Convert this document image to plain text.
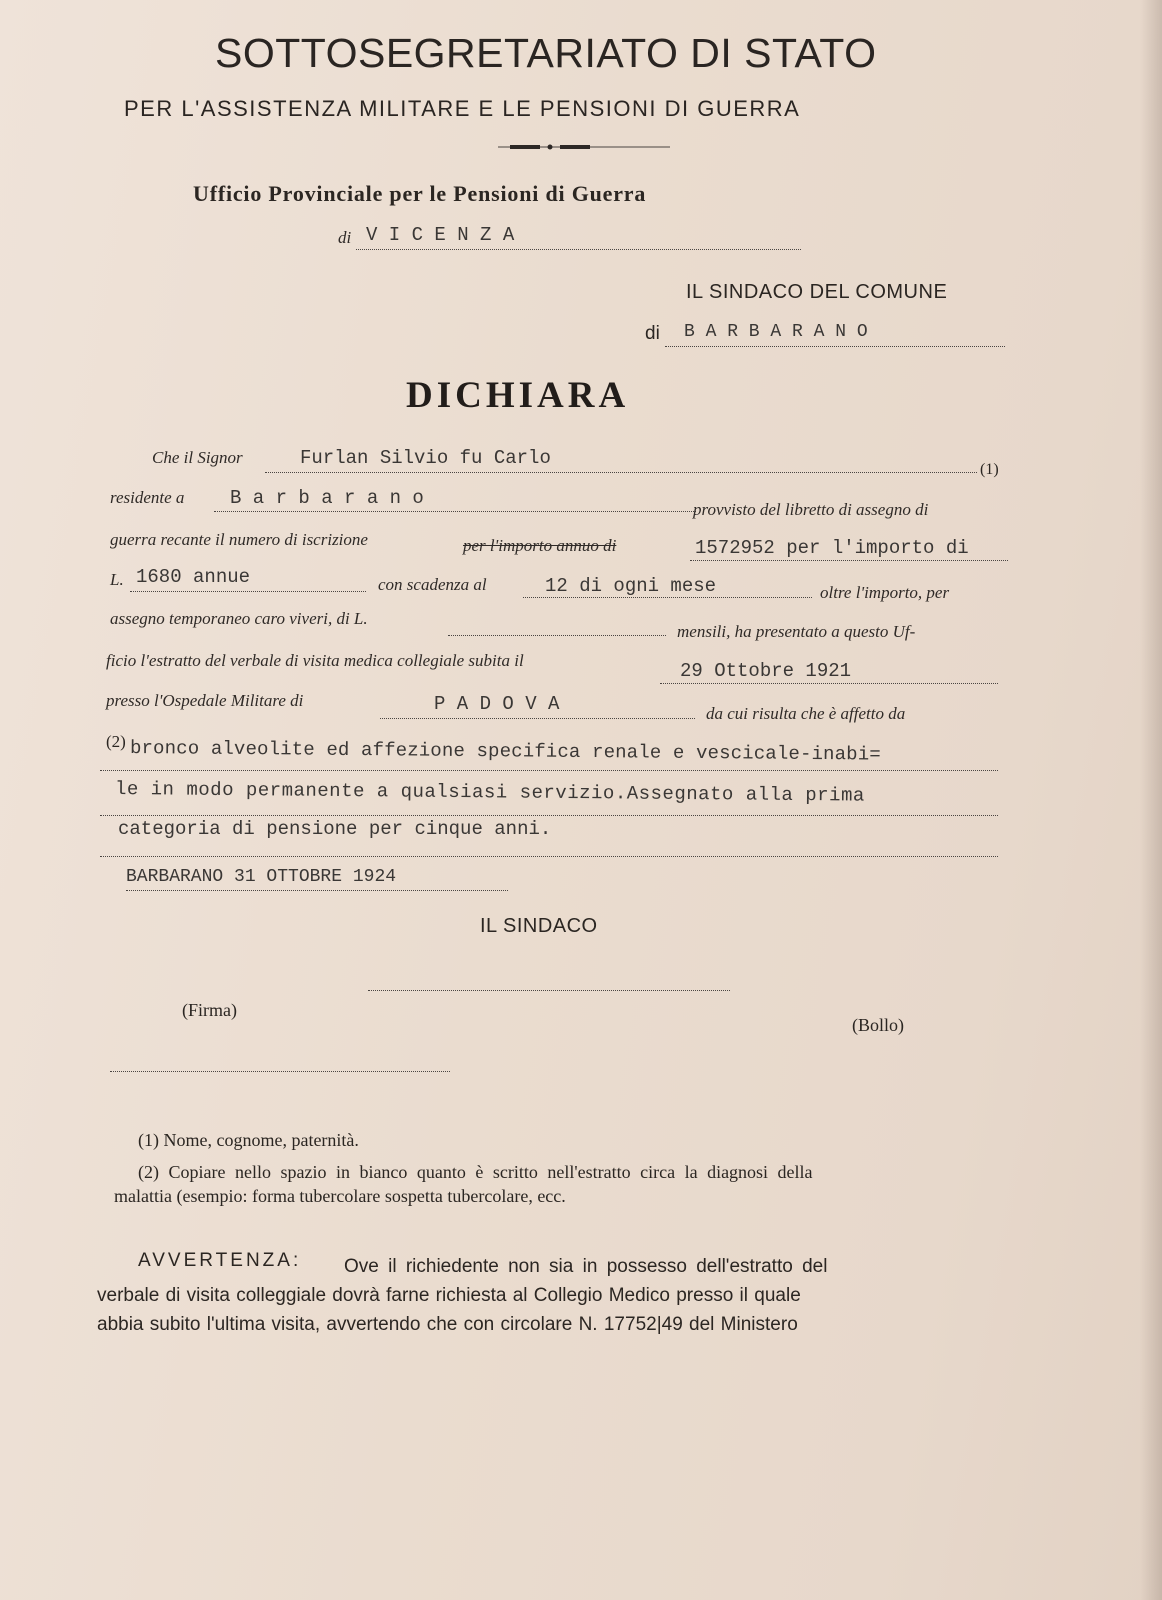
SOTTOSEGRETARIATO DI STATO
PER L'ASSISTENZA MILITARE E LE PENSIONI DI GUERRA
Ufficio Provinciale per le Pensioni di Guerra
di V I C E N Z A
IL SINDACO DEL COMUNE
di B A R B A R A N O
DICHIARA
Che il Signor	Furlan Silvio fu Carlo
(1)
residente a B a r b a r a n o
provvisto del libretto di assegno di
guerra recante il numero di iscrizione	per l'importo annuo di	1572952 per l'importo di
L. 1680 annue	con scadenza al	12 di ogni mese	oltre l'importo, per
assegno temporaneo caro viveri, di L.
mensili, ha presentato a questo Uf-
ficio l'estratto del verbale di visita medica collegiale subita il	29 Ottobre 1921
presso l'Ospedale Militare di	P A D O V A	da cui risulta che è affetto da
(2) bronco alveolite ed affezione specifica renale e vescicale-inabi=
le in modo permanente a qualsiasi servizio.Assegnato alla prima
categoria di pensione per cinque anni.
BARBARANO 31 OTTOBRE 1924
IL SINDACO
(Firma)
(Bollo)
(1) Nome, cognome, paternità.
(2) Copiare nello spazio in bianco quanto è scritto nell'estratto circa la diagnosi della
malattia (esempio: forma tubercolare sospetta tubercolare, ecc.
AVVERTENZA: Ove il richiedente non sia in possesso dell'estratto del
verbale di visita colleggiale dovrà farne richiesta al Collegio Medico presso il quale
abbia subito l'ultima visita, avvertendo che con circolare N. 17752|49 del Ministero
